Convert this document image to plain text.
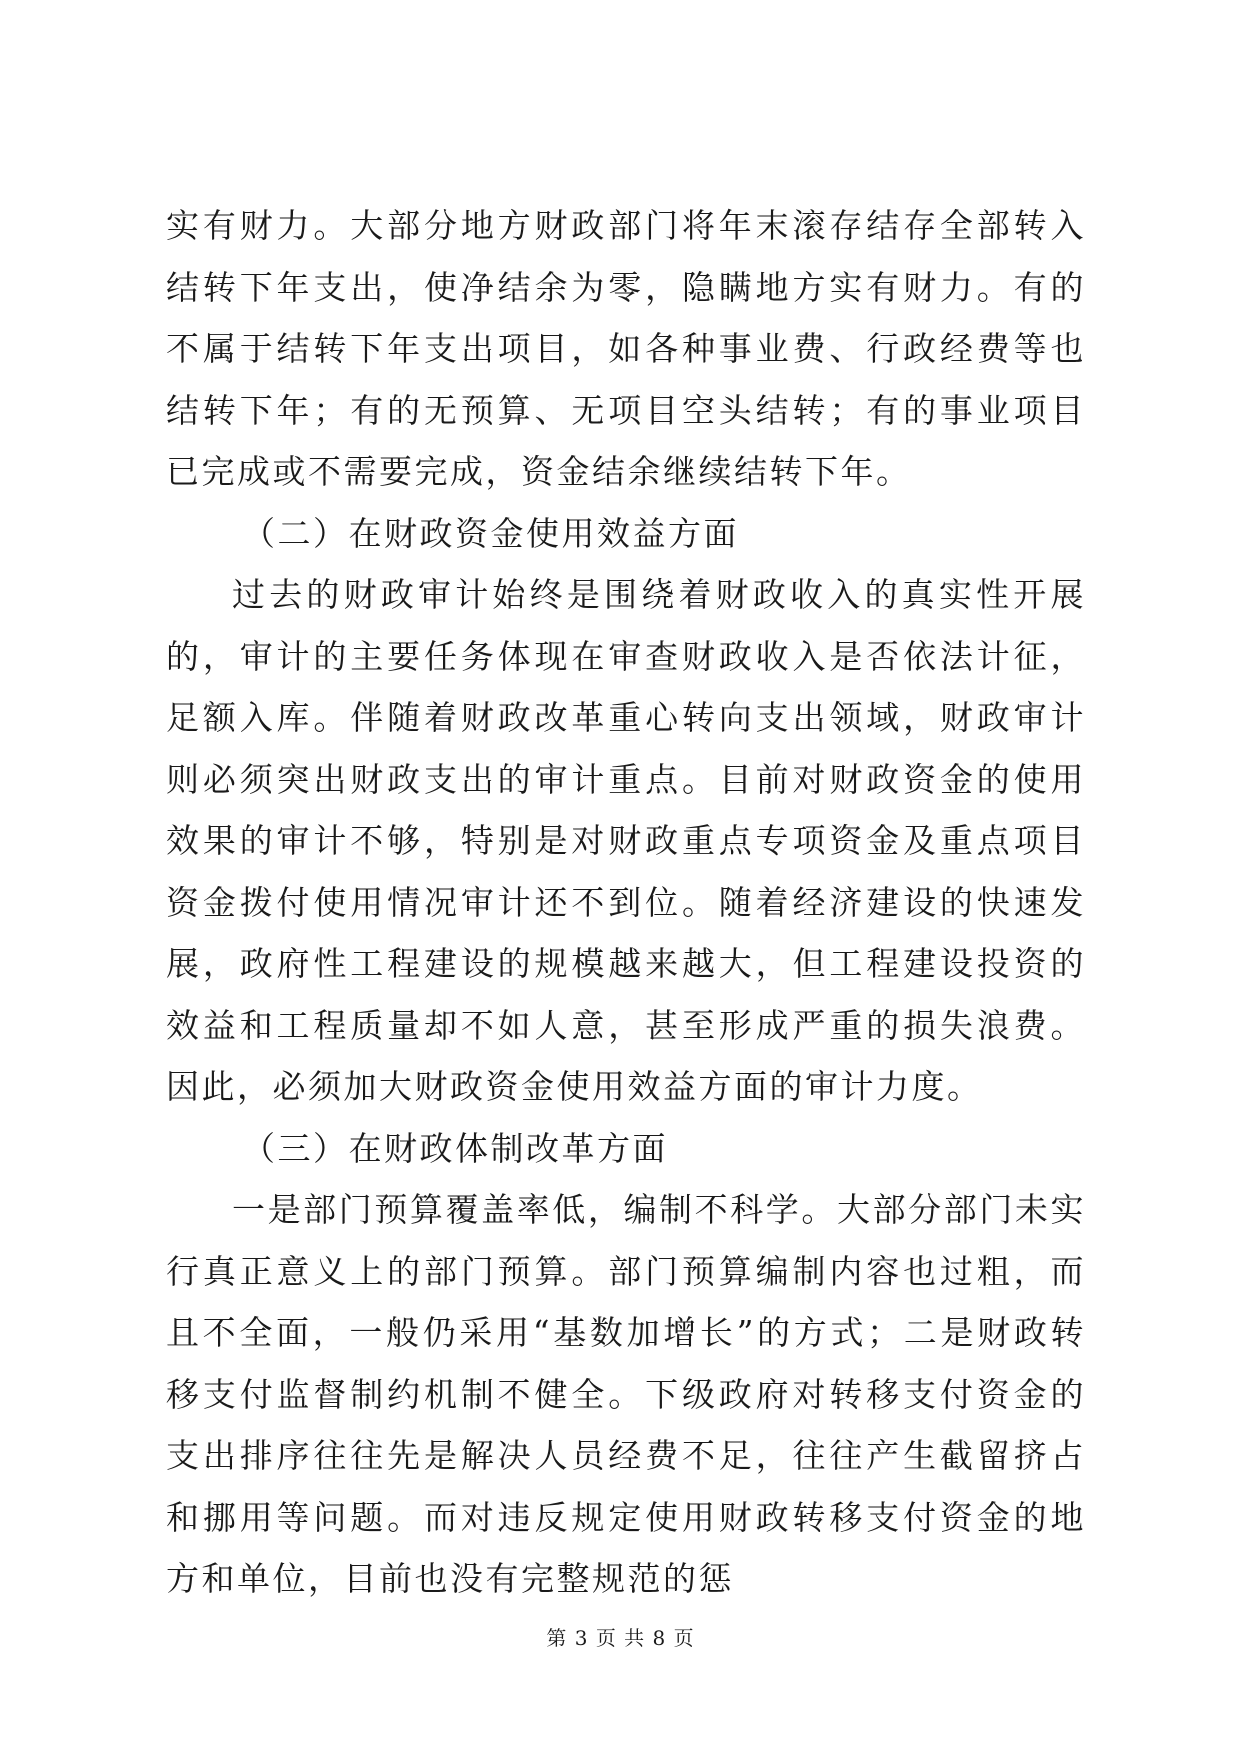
实有财力。大部分地方财政部门将年末滚存结存全部转入结转下年支出，使净结余为零，隐瞒地方实有财力。有的不属于结转下年支出项目，如各种事业费、行政经费等也结转下年；有的无预算、无项目空头结转；有的事业项目已完成或不需要完成，资金结余继续结转下年。

（二）在财政资金使用效益方面

过去的财政审计始终是围绕着财政收入的真实性开展的，审计的主要任务体现在审查财政收入是否依法计征，足额入库。伴随着财政改革重心转向支出领域，财政审计则必须突出财政支出的审计重点。目前对财政资金的使用效果的审计不够，特别是对财政重点专项资金及重点项目资金拨付使用情况审计还不到位。随着经济建设的快速发展，政府性工程建设的规模越来越大，但工程建设投资的效益和工程质量却不如人意，甚至形成严重的损失浪费。因此，必须加大财政资金使用效益方面的审计力度。

（三）在财政体制改革方面

一是部门预算覆盖率低，编制不科学。大部分部门未实行真正意义上的部门预算。部门预算编制内容也过粗，而且不全面，一般仍采用“基数加增长”的方式；二是财政转移支付监督制约机制不健全。下级政府对转移支付资金的支出排序往往先是解决人员经费不足，往往产生截留挤占和挪用等问题。而对违反规定使用财政转移支付资金的地方和单位，目前也没有完整规范的惩

第 3 页 共 8 页
